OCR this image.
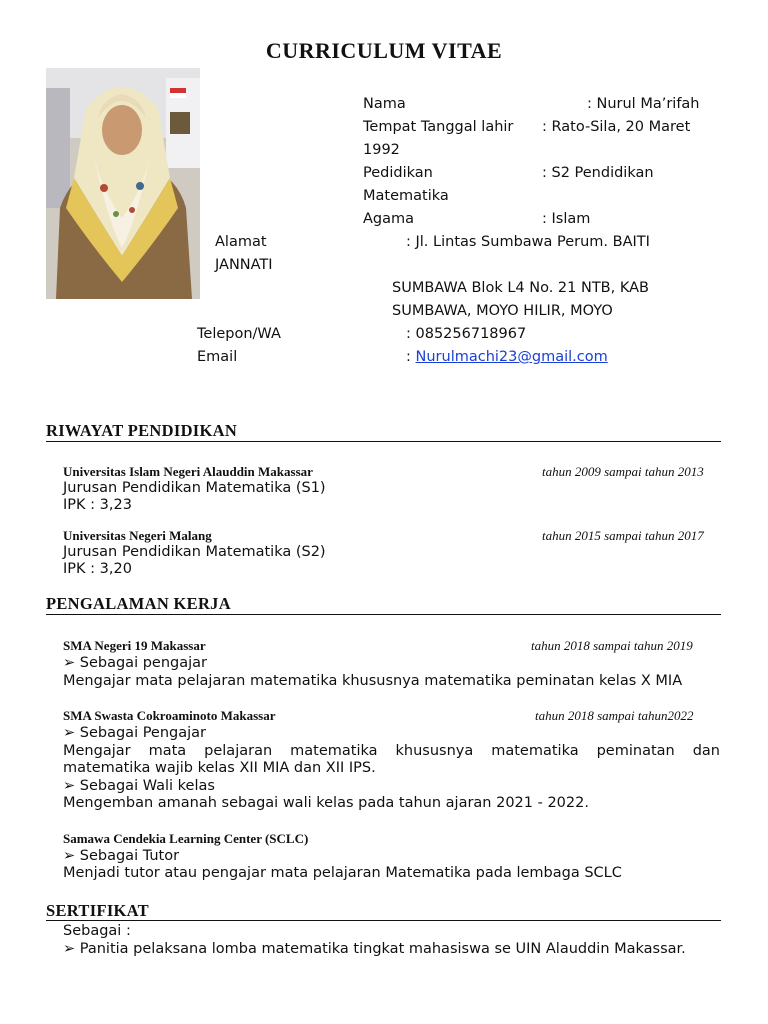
CURRICULUM VITAE
Nama	: Nurul Ma’rifah
Tempat Tanggal lahir : Rato-Sila, 20 Maret
1992
Pedidikan	: S2 Pendidikan
Matematika
Agama	: Islam
Alamat	: Jl. Lintas Sumbawa Perum. BAITI
JANNATI
SUMBAWA Blok L4 No. 21 NTB, KAB
SUMBAWA, MOYO HILIR, MOYO
Telepon/WA	: 085256718967
Email	: Nurulmachi23@gmail.com
RIWAYAT PENDIDIKAN
Universitas Islam Negeri Alauddin Makassar	tahun 2009 sampai tahun 2013
Jurusan Pendidikan Matematika (S1)
IPK : 3,23
Universitas Negeri Malang	tahun 2015 sampai tahun 2017
Jurusan Pendidikan Matematika (S2)
IPK : 3,20
PENGALAMAN KERJA
SMA Negeri 19 Makassar	tahun 2018 sampai tahun 2019
➢ Sebagai pengajar
Mengajar mata pelajaran matematika khususnya matematika peminatan kelas X MIA
SMA Swasta Cokroaminoto Makassar	tahun 2018 sampai tahun2022
➢ Sebagai Pengajar
Mengajar mata pelajaran matematika khususnya matematika peminatan dan
matematika wajib kelas XII MIA dan XII IPS.
➢ Sebagai Wali kelas
Mengemban amanah sebagai wali kelas pada tahun ajaran 2021 - 2022.
Samawa Cendekia Learning Center (SCLC)
➢ Sebagai Tutor
Menjadi tutor atau pengajar mata pelajaran Matematika pada lembaga SCLC
SERTIFIKAT
Sebagai :
➢ Panitia pelaksana lomba matematika tingkat mahasiswa se UIN Alauddin Makassar.
